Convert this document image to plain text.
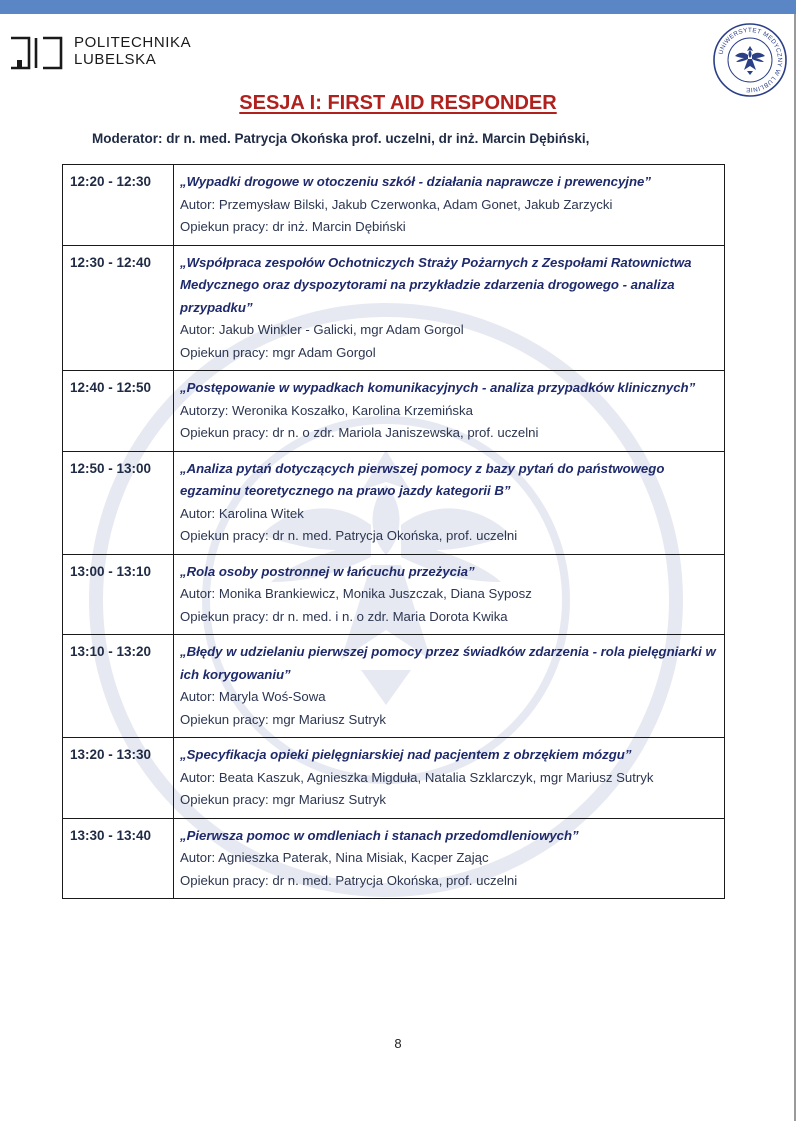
POLITECHNIKA
LUBELSKA	UNIWERSYTET MEDYCZNY W LUBLINIE
SESJA I: FIRST AID RESPONDER
Moderator: dr n. med. Patrycja Okońska prof. uczelni, dr inż. Marcin Dębiński,
12:20 - 12:30	„Wypadki drogowe w otoczeniu szkół - działania naprawcze i prewencyjne”
Autor: Przemysław Bilski, Jakub Czerwonka, Adam Gonet, Jakub Zarzycki
Opiekun pracy: dr inż. Marcin Dębiński

12:30 - 12:40	„Współpraca zespołów Ochotniczych Straży Pożarnych z Zespołami Ratownictwa Medycznego oraz dyspozytorami na przykładzie zdarzenia drogowego - analiza przypadku”
Autor: Jakub Winkler - Galicki, mgr Adam Gorgol
Opiekun pracy: mgr Adam Gorgol

12:40 - 12:50	„Postępowanie w wypadkach komunikacyjnych - analiza przypadków klinicznych”
Autorzy: Weronika Koszałko, Karolina Krzemińska
Opiekun pracy: dr n. o zdr. Mariola Janiszewska, prof. uczelni

12:50 - 13:00	„Analiza pytań dotyczących pierwszej pomocy z bazy pytań do państwowego egzaminu teoretycznego na prawo jazdy kategorii B”
Autor: Karolina Witek
Opiekun pracy: dr n. med. Patrycja Okońska, prof. uczelni

13:00 - 13:10	„Rola osoby postronnej w łańcuchu przeżycia”
Autor: Monika Brankiewicz, Monika Juszczak, Diana Syposz
Opiekun pracy: dr n. med. i n. o zdr. Maria Dorota Kwika

13:10 - 13:20	„Błędy w udzielaniu pierwszej pomocy przez świadków zdarzenia - rola pielęgniarki w ich korygowaniu”
Autor: Maryla Woś-Sowa
Opiekun pracy: mgr Mariusz Sutryk

13:20 - 13:30	„Specyfikacja opieki pielęgniarskiej nad pacjentem z obrzękiem mózgu”
Autor: Beata Kaszuk, Agnieszka Migduła, Natalia Szklarczyk, mgr Mariusz Sutryk
Opiekun pracy: mgr Mariusz Sutryk

13:30 - 13:40	„Pierwsza pomoc w omdleniach i stanach przedomdleniowych”
Autor: Agnieszka Paterak, Nina Misiak, Kacper Zając
Opiekun pracy: dr n. med. Patrycja Okońska, prof. uczelni
8
